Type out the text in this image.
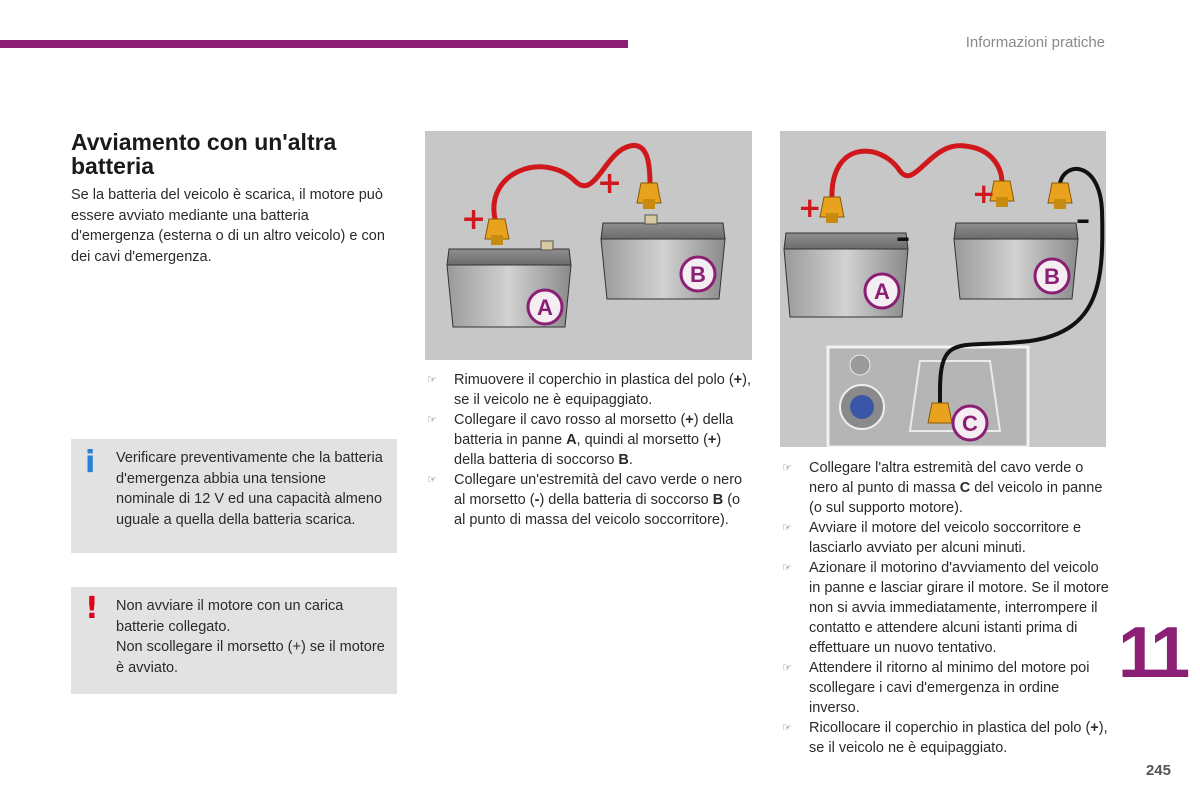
Informazioni pratiche
Avviamento con un'altra batteria

Se la batteria del veicolo è scarica, il motore può essere avviato mediante una batteria d'emergenza (esterna o di un altro veicolo) e con dei cavi d'emergenza.

i Verificare preventivamente che la batteria d'emergenza abbia una tensione nominale di 12 V ed una capacità almeno uguale a quella della batteria scarica.
! Non avviare il motore con un carica batterie collegato.
Non scollegare il morsetto (+) se il motore è avviato.
+
+
A
B
+	+
–
–
A
B
C
☞ Rimuovere il coperchio in plastica del polo (+), se il veicolo ne è equipaggiato.
☞ Collegare il cavo rosso al morsetto (+) della batteria in panne A, quindi al morsetto (+) della batteria di soccorso B.
☞ Collegare un'estremità del cavo verde o nero al morsetto (-) della batteria di soccorso B (o al punto di massa del veicolo soccorritore).
☞ Collegare l'altra estremità del cavo verde o nero al punto di massa C del veicolo in panne (o sul supporto motore).
☞ Avviare il motore del veicolo soccorritore e lasciarlo avviato per alcuni minuti.
☞ Azionare il motorino d'avviamento del veicolo in panne e lasciar girare il motore. Se il motore non si avvia immediatamente, interrompere il contatto e attendere alcuni istanti prima di effettuare un nuovo tentativo.
☞ Attendere il ritorno al minimo del motore poi scollegare i cavi d'emergenza in ordine inverso.
☞ Ricollocare il coperchio in plastica del polo (+), se il veicolo ne è equipaggiato.
11
245
